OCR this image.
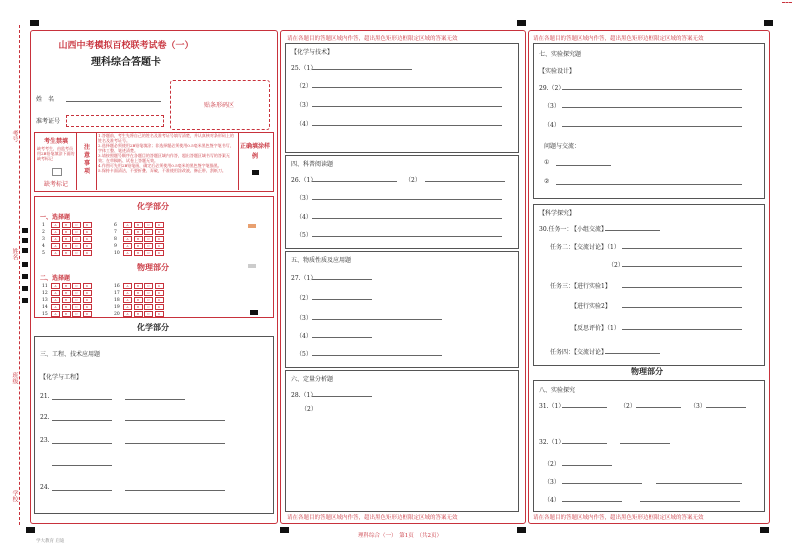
考号
姓名
班级
学校
山西中考模拟百校联考试卷（一）
理科综合答题卡
姓　名
准考证号
贴条形码区
考生禁填
缺考考生，由监考员用2B铅笔填涂下面的缺考标记
缺考标记
注意事项
1.答题前，考生先将自己的姓名及准考证号填写清楚，并认真核对条形码上的姓名及准考证号。
2.选择题必须使用2B铅笔填涂；非选择题必须使用0.5毫米黑色签字笔书写，字体工整、笔迹清楚。
3.请按照题号顺序在各题目的答题区域内作答，超出答题区域书写的答案无效；在草稿纸、试卷上答题无效。
4.作图可先用2B铅笔画，确定后必须使用0.5毫米的黑色签字笔描黑。
5.保持卡面清洁，不要折叠、弄破，不准使用涂改液、修正带、刮纸刀。
正确填涂样例
化学部分
一、选择题
物理部分
二、选择题
1	A	B	C	D
2	A	B	C	D
3	A	B	C	D
4	A	B	C	D
5	A	B	C	D
6	A	B	C	D
7	A	B	C	D
8	A	B	C	D
9	A	B	C	D
10 A	B	C	D
11 A	B	C	D
12 A	B	C	D
13 A	B	C	D
14 A	B	C	D
15 A	B	C	D
16 A	B	C	D
17 A	B	C	D
18 A	B	C	D
19 A	B	C	D
20 A	B	C	D
化学部分
三、工程、技术应用题
【化学与工程】
21.
22.
23.
24.
请在各题目的答题区域内作答，超出黑色矩形边框限定区域的答案无效
请在各题目的答题区域内作答，超出黑色矩形边框限定区域的答案无效
【化学与技术】
25.（1）
（2）
（3）
（4）
四、科普阅读题
26.（1）	（2）
（3）
（4）
（5）
五、物质性质及应用题
27.（1）
（2）
（3）
（4）
（5）
六、定量分析题
28.（1）
（2）
请在各题目的答题区域内作答，超出黑色矩形边框限定区域的答案无效
请在各题目的答题区域内作答，超出黑色矩形边框限定区域的答案无效
七、实验探究题
【实验设计】
29.（2）
（3）
（4）
问题与交流：
①
②
【科学探究】
30.任务一：
【小组交流】
任务二：
【交流讨论】（1）
（2）
任务三：
【进行实验1】
【进行实验2】
【反思评价】（1）
任务四：
【交流讨论】
物理部分
八、实验探究
31.（1）	（2）	（3）
32.（1）
（2）
（3）
（4）
理科综合（一）　第1页　（共2页）
学大教育 启迪
